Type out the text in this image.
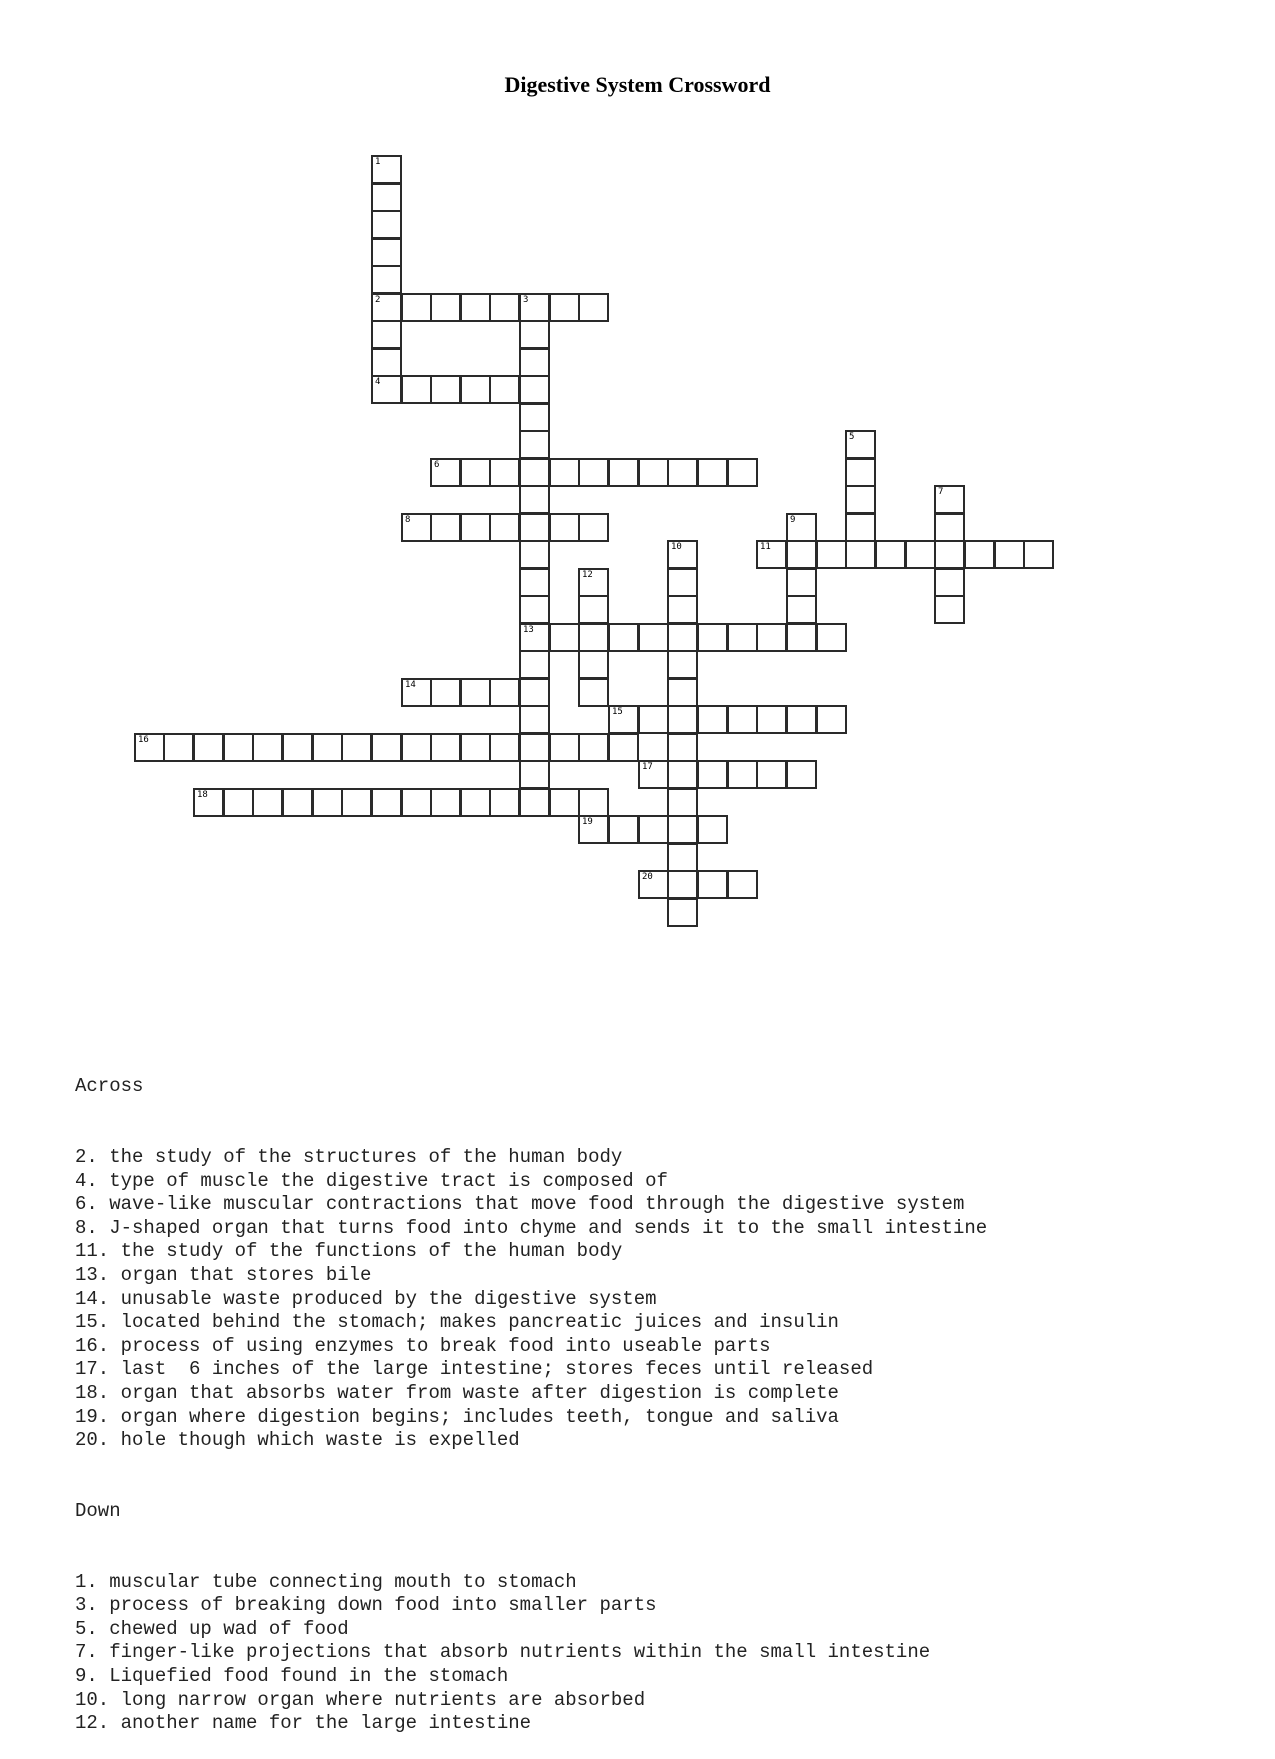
Digestive System Crossword
1
2
4
3
13
5
6
7
8	9
10	11
12
14
15
16
17
18
19
20

Across

2. the study of the structures of the human body
4. type of muscle the digestive tract is composed of
6. wave-like muscular contractions that move food through the digestive system
8. J-shaped organ that turns food into chyme and sends it to the small intestine
11. the study of the functions of the human body
13. organ that stores bile
14. unusable waste produced by the digestive system
15. located behind the stomach; makes pancreatic juices and insulin
16. process of using enzymes to break food into useable parts
17. last  6 inches of the large intestine; stores feces until released
18. organ that absorbs water from waste after digestion is complete
19. organ where digestion begins; includes teeth, tongue and saliva
20. hole though which waste is expelled

Down

1. muscular tube connecting mouth to stomach
3. process of breaking down food into smaller parts
5. chewed up wad of food
7. finger-like projections that absorb nutrients within the small intestine
9. Liquefied food found in the stomach
10. long narrow organ where nutrients are absorbed
12. another name for the large intestine
